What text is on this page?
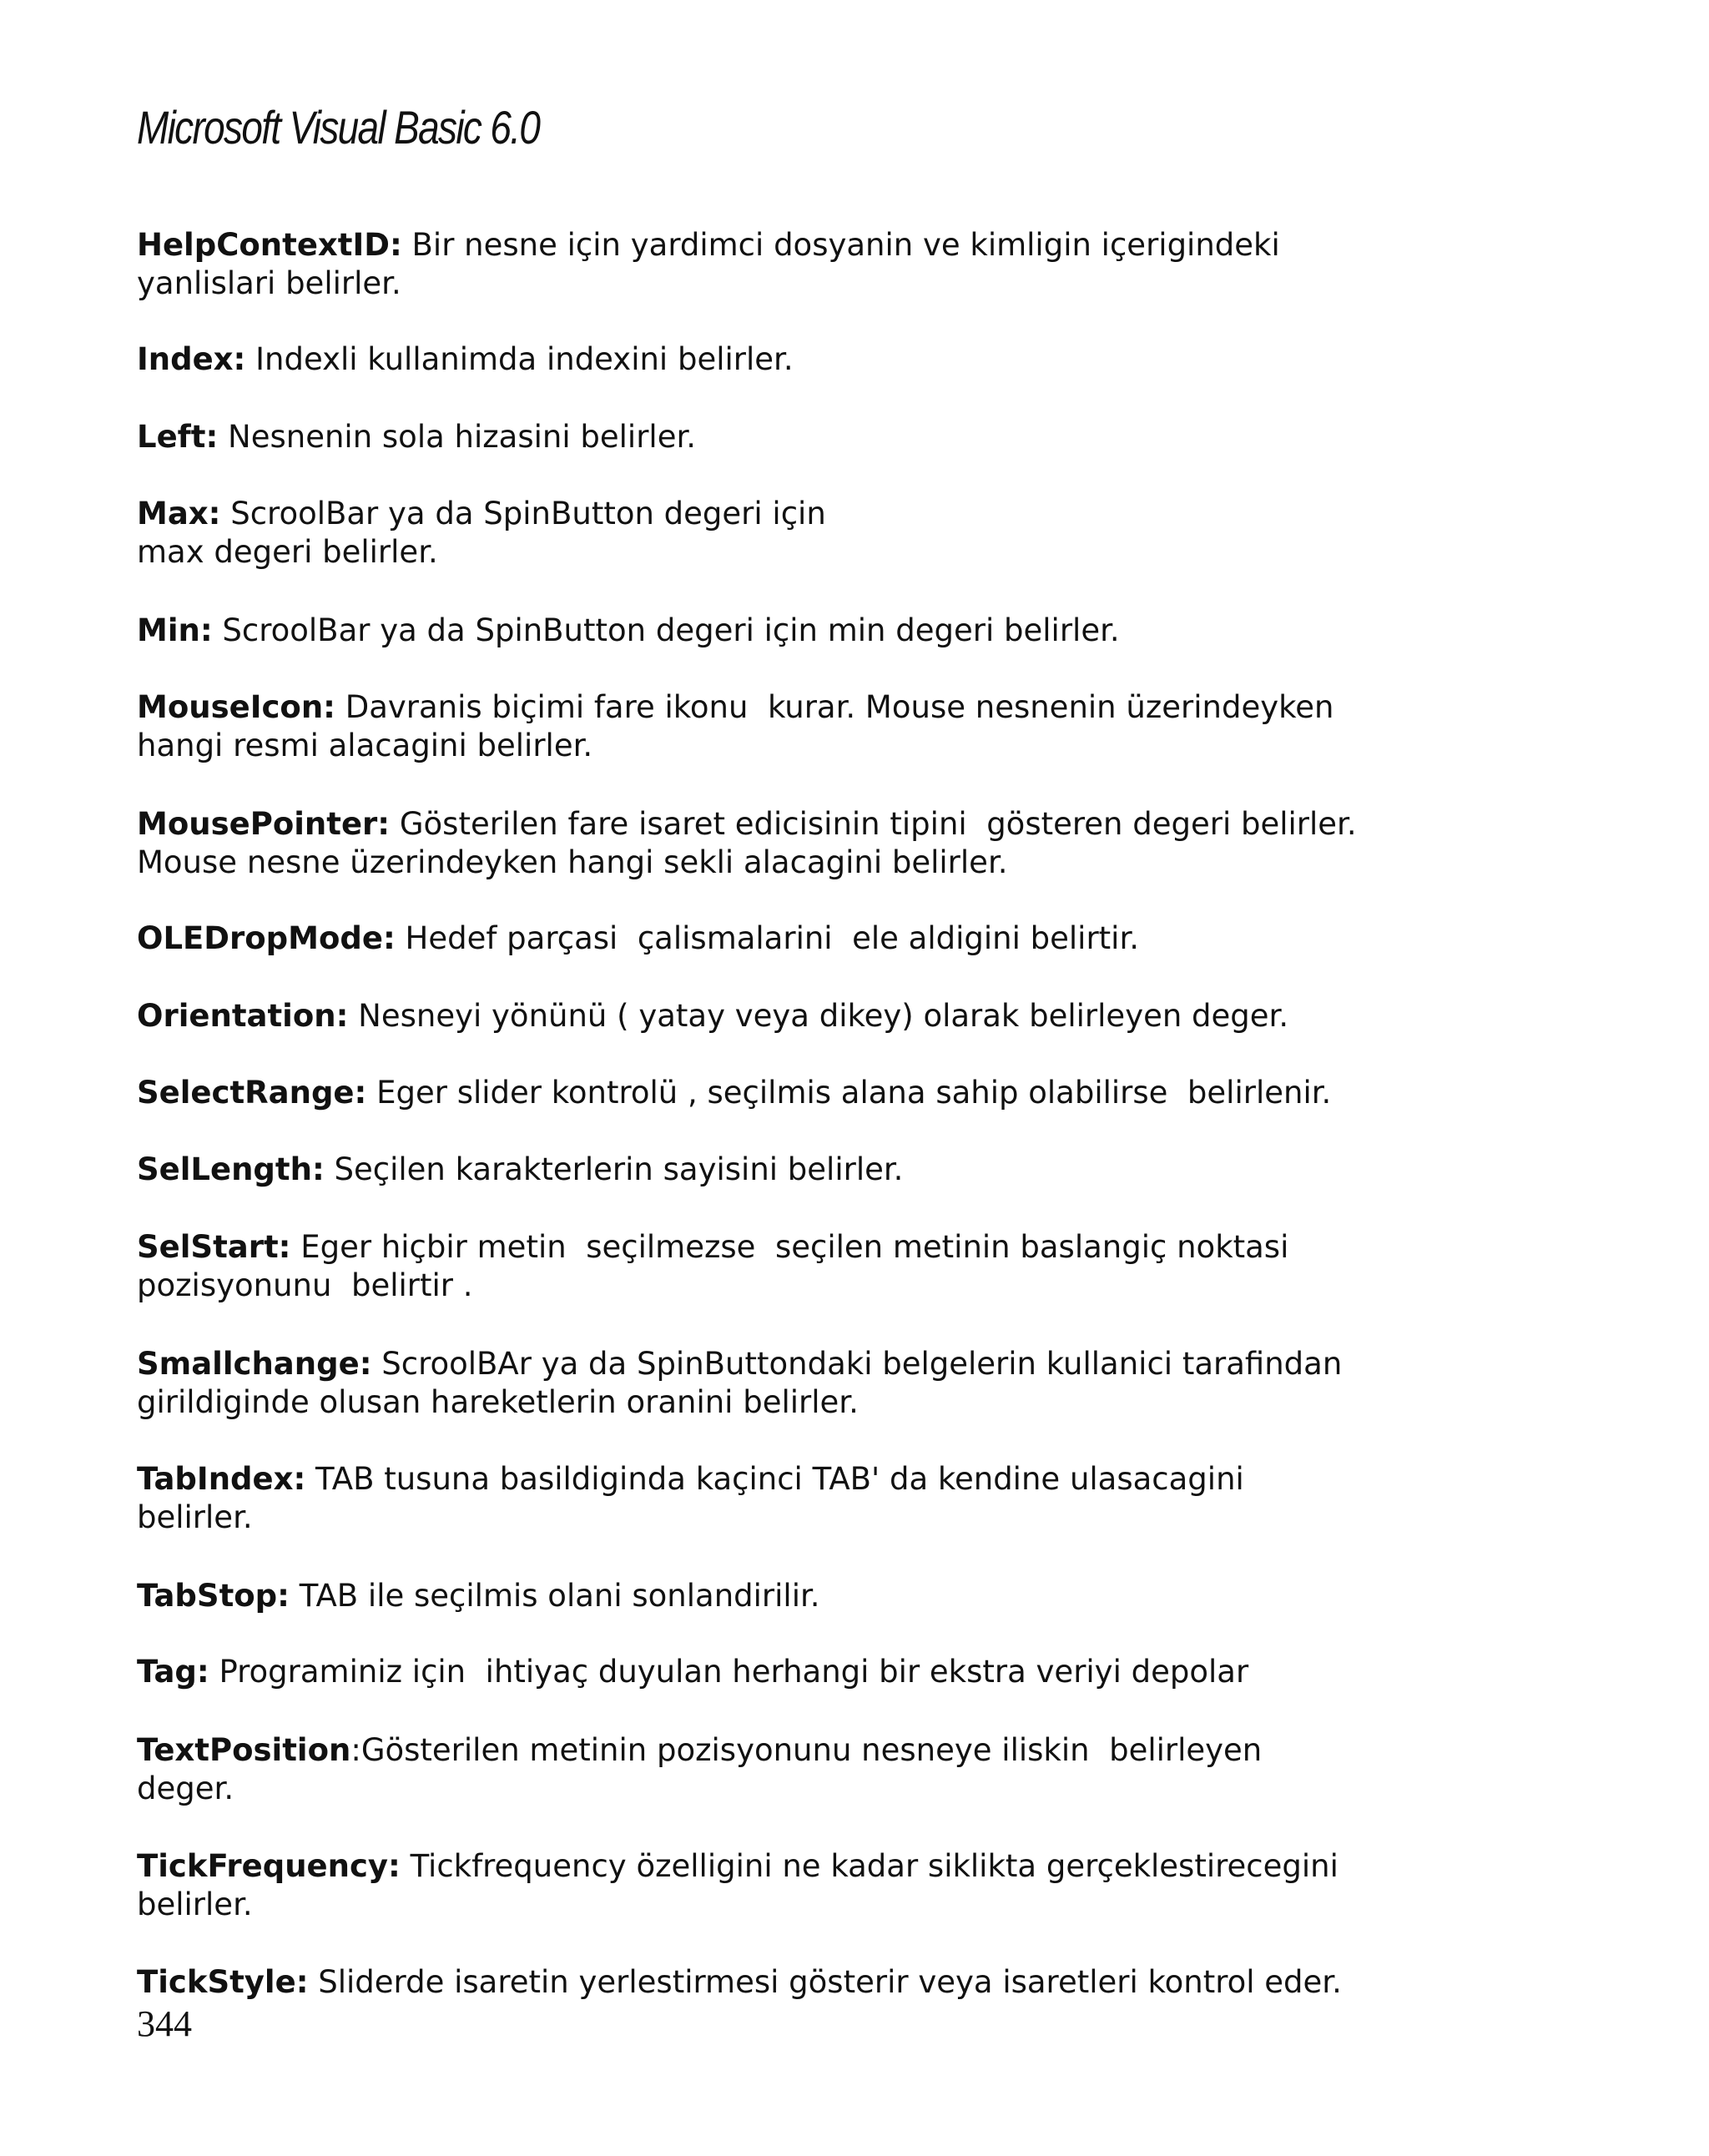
Microsoft Visual Basic 6.0
HelpContextID: Bir nesne için yardimci dosyanin ve kimligin içerigindeki
yanlislari belirler.
Index: Indexli kullanimda indexini belirler.
Left: Nesnenin sola hizasini belirler.
Max: ScroolBar ya da SpinButton degeri için
max degeri belirler.
Min: ScroolBar ya da SpinButton degeri için min degeri belirler.
MouseIcon: Davranis biçimi fare ikonu  kurar. Mouse nesnenin üzerindeyken
hangi resmi alacagini belirler.
MousePointer: Gösterilen fare isaret edicisinin tipini  gösteren degeri belirler.
Mouse nesne üzerindeyken hangi sekli alacagini belirler.
OLEDropMode: Hedef parçasi  çalismalarini  ele aldigini belirtir.
Orientation: Nesneyi yönünü ( yatay veya dikey) olarak belirleyen deger.
SelectRange: Eger slider kontrolü , seçilmis alana sahip olabilirse  belirlenir.
SelLength: Seçilen karakterlerin sayisini belirler.
SelStart: Eger hiçbir metin  seçilmezse  seçilen metinin baslangiç noktasi
pozisyonunu  belirtir .
Smallchange: ScroolBAr ya da SpinButtondaki belgelerin kullanici tarafindan
girildiginde olusan hareketlerin oranini belirler.
TabIndex: TAB tusuna basildiginda kaçinci TAB' da kendine ulasacagini
belirler.
TabStop: TAB ile seçilmis olani sonlandirilir.
Tag: Programiniz için  ihtiyaç duyulan herhangi bir ekstra veriyi depolar
TextPosition:Gösterilen metinin pozisyonunu nesneye iliskin  belirleyen
deger.
TickFrequency: Tickfrequency özelligini ne kadar siklikta gerçeklestirecegini
belirler.
TickStyle: Sliderde isaretin yerlestirmesi gösterir veya isaretleri kontrol eder.
344
